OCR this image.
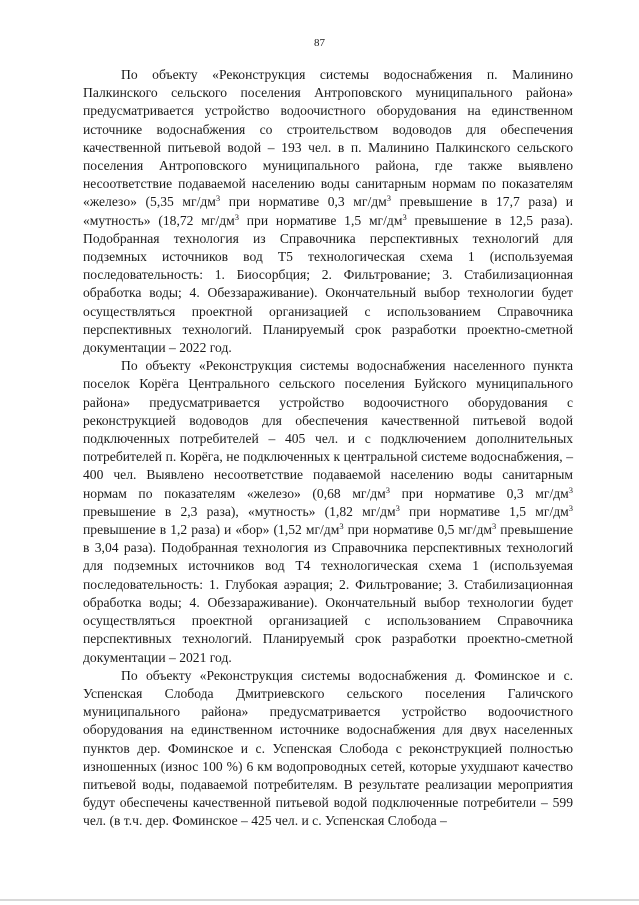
87

По объекту «Реконструкция системы водоснабжения п. Малинино Палкинского сельского поселения Антроповского муниципального района» предусматривается устройство водоочистного оборудования на единственном источнике водоснабжения со строительством водоводов для обеспечения качественной питьевой водой – 193 чел. в п. Малинино Палкинского сельского поселения Антроповского муниципального района, где также выявлено несоответствие подаваемой населению воды санитарным нормам по показателям «железо» (5,35 $мг/дм^3$ при нормативе 0,3 $мг/дм^3$ превышение в 17,7 раза) и «мутность» (18,72 $мг/дм^3$ при нормативе 1,5 $мг/дм^3$ превышение в 12,5 раза). Подобранная технология из Справочника перспективных технологий для подземных источников вод Т5 технологическая схема 1 (используемая последовательность: 1. Биосорбция; 2. Фильтрование; 3. Стабилизационная обработка воды; 4. Обеззараживание). Окончательный выбор технологии будет осуществляться проектной организацией с использованием Справочника перспективных технологий. Планируемый срок разработки проектно-сметной документации – 2022 год.

По объекту «Реконструкция системы водоснабжения населенного пункта поселок Корёга Центрального сельского поселения Буйского муниципального района» предусматривается устройство водоочистного оборудования с реконструкцией водоводов для обеспечения качественной питьевой водой подключенных потребителей – 405 чел. и с подключением дополнительных потребителей п. Корёга, не подключенных к центральной системе водоснабжения, – 400 чел. Выявлено несоответствие подаваемой населению воды санитарным нормам по показателям «железо» (0,68 $мг/дм^3$ при нормативе 0,3 $мг/дм^3$ превышение в 2,3 раза), «мутность» (1,82 $мг/дм^3$ при нормативе 1,5 $мг/дм^3$ превышение в 1,2 раза) и «бор» (1,52 $мг/дм^3$ при нормативе 0,5 $мг/дм^3$ превышение в 3,04 раза). Подобранная технология из Справочника перспективных технологий для подземных источников вод Т4 технологическая схема 1 (используемая последовательность: 1. Глубокая аэрация; 2. Фильтрование; 3. Стабилизационная обработка воды; 4. Обеззараживание). Окончательный выбор технологии будет осуществляться проектной организацией с использованием Справочника перспективных технологий. Планируемый срок разработки проектно-сметной документации – 2021 год.

По объекту «Реконструкция системы водоснабжения д. Фоминское и с. Успенская Слобода Дмитриевского сельского поселения Галичского муниципального района» предусматривается устройство водоочистного оборудования на единственном источнике водоснабжения для двух населенных пунктов дер. Фоминское и с. Успенская Слобода с реконструкцией полностью изношенных (износ 100 %) 6 км водопроводных сетей, которые ухудшают качество питьевой воды, подаваемой потребителям. В результате реализации мероприятия будут обеспечены качественной питьевой водой подключенные потребители – 599 чел. (в т.ч. дер. Фоминское – 425 чел. и с. Успенская Слобода –
